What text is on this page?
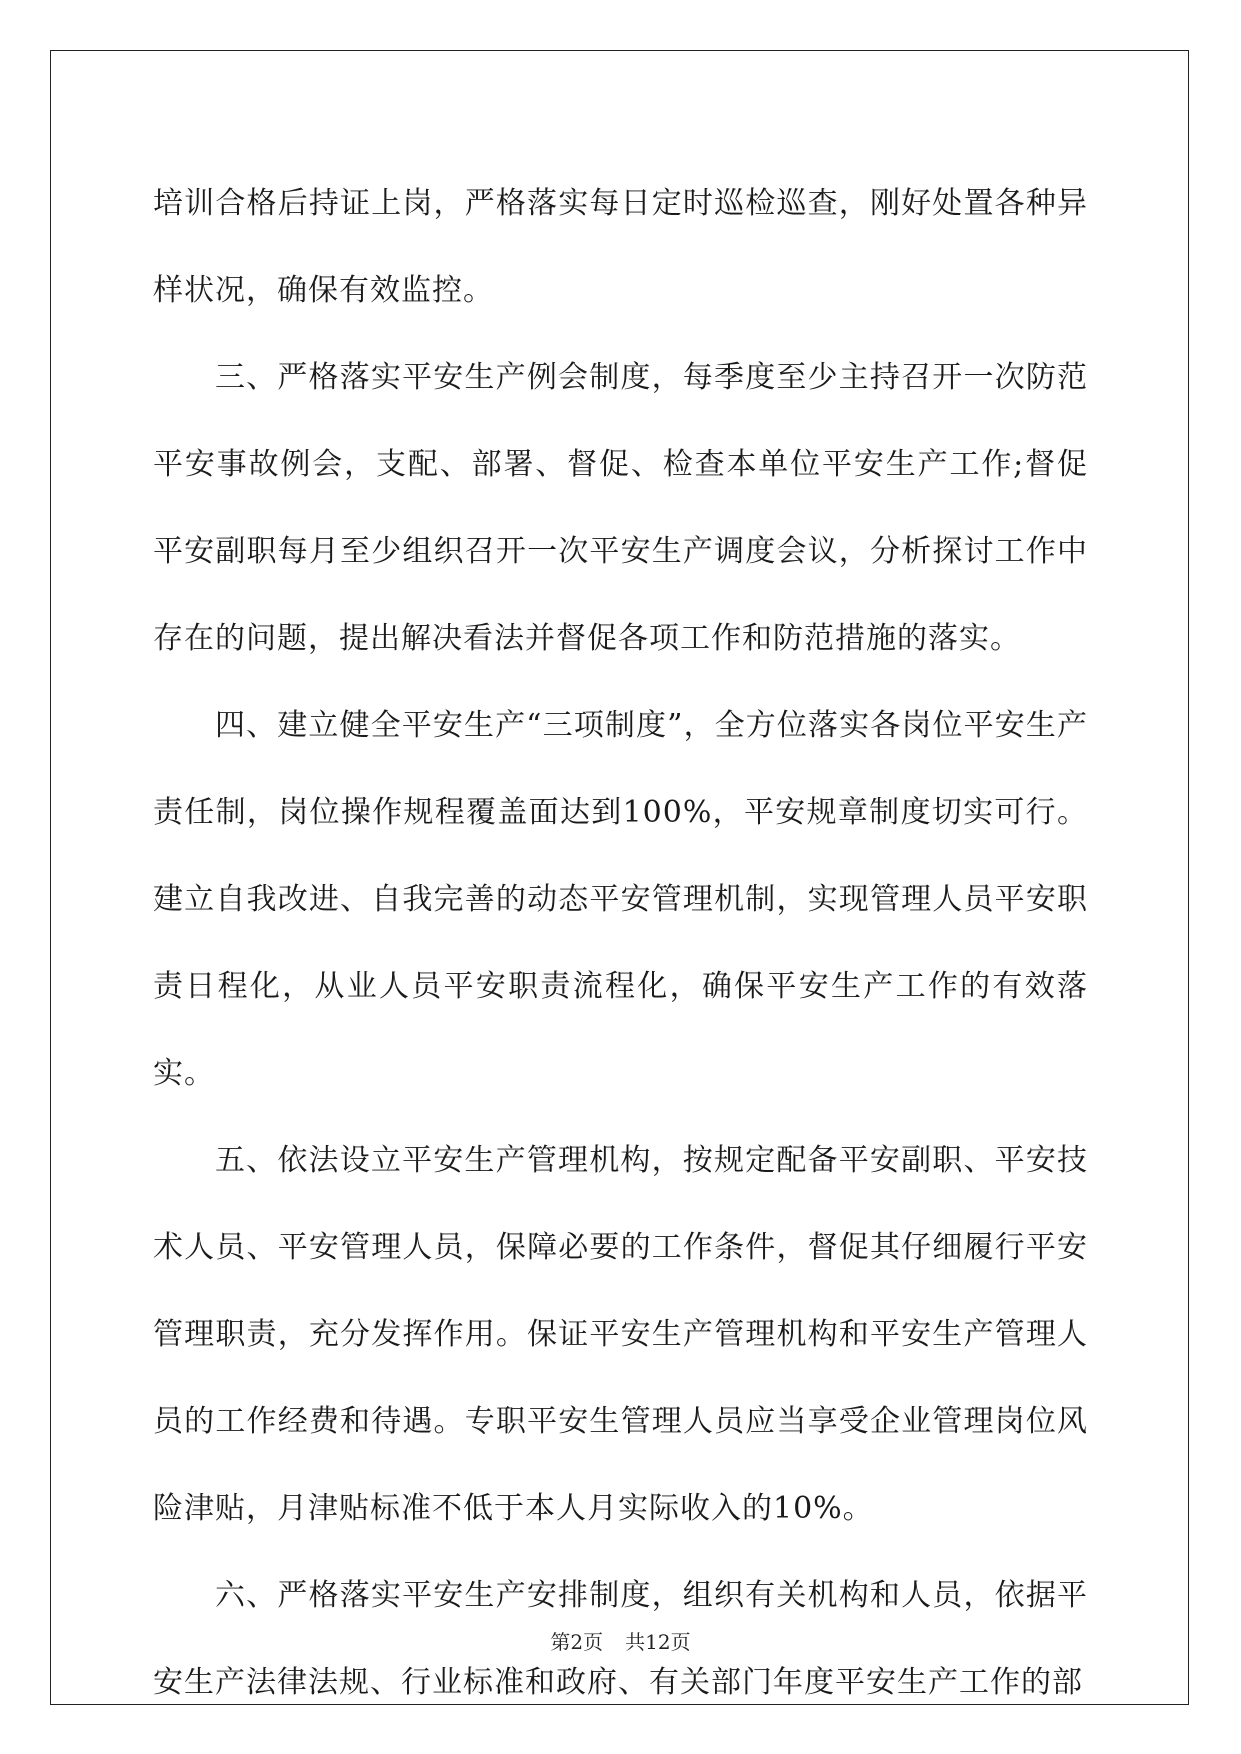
培训合格后持证上岗，严格落实每日定时巡检巡查，刚好处置各种异样状况，确保有效监控。

三、严格落实平安生产例会制度，每季度至少主持召开一次防范平安事故例会，支配、部署、督促、检查本单位平安生产工作;督促平安副职每月至少组织召开一次平安生产调度会议，分析探讨工作中存在的问题，提出解决看法并督促各项工作和防范措施的落实。

四、建立健全平安生产“三项制度”，全方位落实各岗位平安生产责任制，岗位操作规程覆盖面达到100%，平安规章制度切实可行。建立自我改进、自我完善的动态平安管理机制，实现管理人员平安职责日程化，从业人员平安职责流程化，确保平安生产工作的有效落实。

五、依法设立平安生产管理机构，按规定配备平安副职、平安技术人员、平安管理人员，保障必要的工作条件，督促其仔细履行平安管理职责，充分发挥作用。保证平安生产管理机构和平安生产管理人员的工作经费和待遇。专职平安生管理人员应当享受企业管理岗位风险津贴，月津贴标准不低于本人月实际收入的10%。

六、严格落实平安生产安排制度，组织有关机构和人员，依据平安生产法律法规、行业标准和政府、有关部门年度平安生产工作的部

第2页 共12页
